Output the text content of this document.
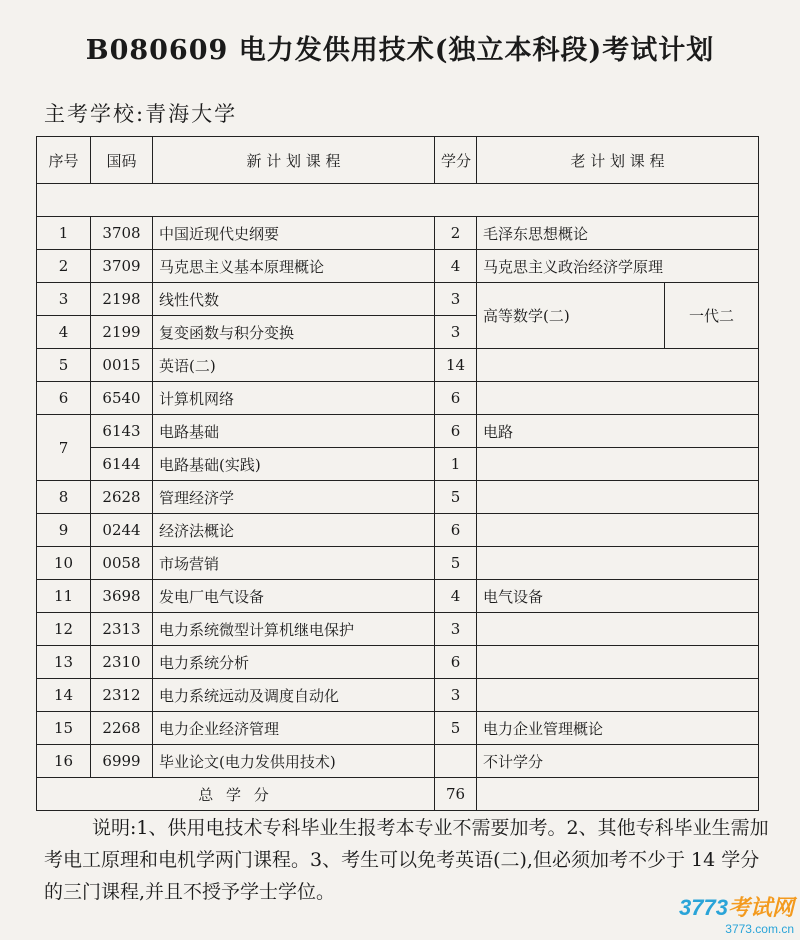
B080609 电力发供用技术(独立本科段)考试计划
主考学校:青海大学
序号	国码	新 计 划 课 程	学分	老 计 划 课 程	

1	3708	中国近现代史纲要	2	毛泽东思想概论	
2	3709	马克思主义基本原理概论	4	马克思主义政治经济学原理	
3	2198	线性代数	3	高等数学(二)	一代二
4	2199	复变函数与积分变换	3		
5	0015	英语(二)	14		
6	6540	计算机网络	6		
7	6143	电路基础	6	电路	
	6144	电路基础(实践)	1		
8	2628	管理经济学	5		
9	0244	经济法概论	6		
10	0058	市场营销	5		
11	3698	发电厂电气设备	4	电气设备	
12	2313	电力系统微型计算机继电保护	3		
13	2310	电力系统分析	6		
14	2312	电力系统远动及调度自动化	3		
15	2268	电力企业经济管理	5	电力企业管理概论	
16	6999	毕业论文(电力发供用技术)		不计学分	
总 学 分			76		
说明:1、供用电技术专科毕业生报考本专业不需要加考。2、其他专科毕业生需加考电工原理和电机学两门课程。3、考生可以免考英语(二),但必须加考不少于 14 学分的三门课程,并且不授予学士学位。
3773考试网
3773.com.cn
